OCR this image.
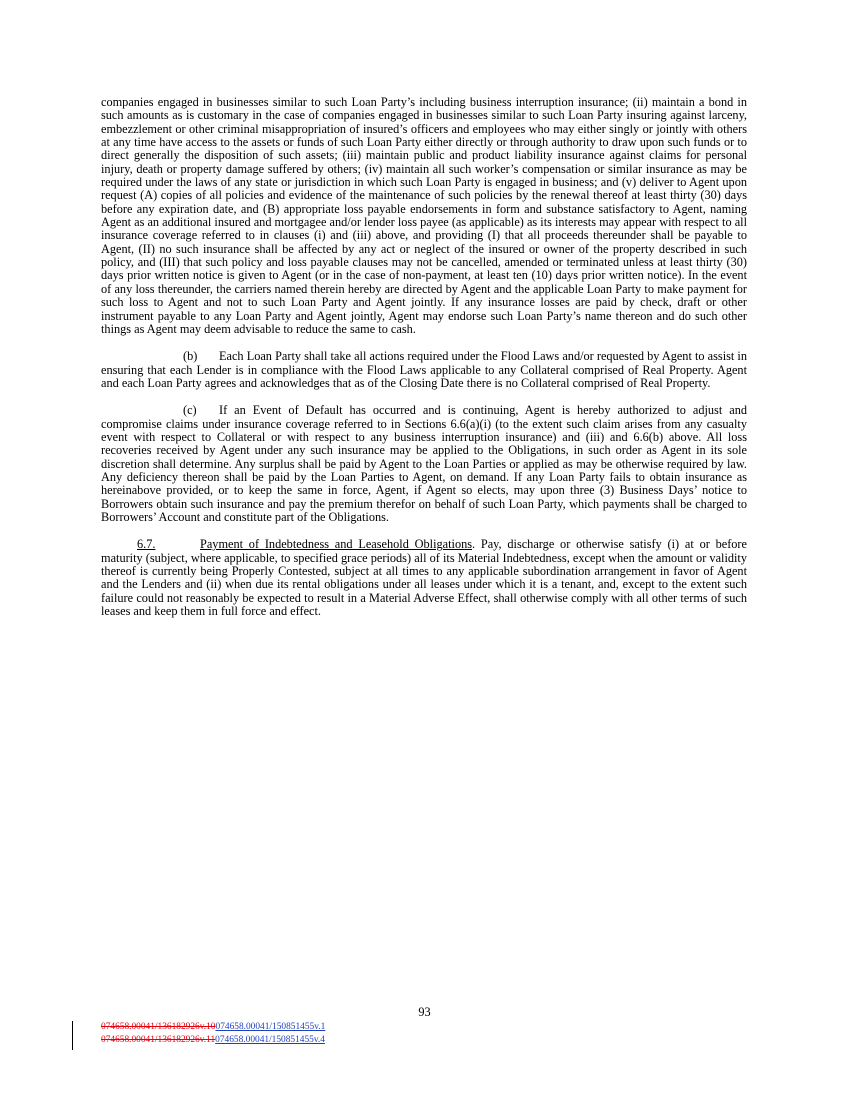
companies engaged in businesses similar to such Loan Party’s including business interruption insurance; (ii) maintain a bond in such amounts as is customary in the case of companies engaged in businesses similar to such Loan Party insuring against larceny, embezzlement or other criminal misappropriation of insured’s officers and employees who may either singly or jointly with others at any time have access to the assets or funds of such Loan Party either directly or through authority to draw upon such funds or to direct generally the disposition of such assets; (iii) maintain public and product liability insurance against claims for personal injury, death or property damage suffered by others; (iv) maintain all such worker’s compensation or similar insurance as may be required under the laws of any state or jurisdiction in which such Loan Party is engaged in business; and (v) deliver to Agent upon request (A) copies of all policies and evidence of the maintenance of such policies by the renewal thereof at least thirty (30) days before any expiration date, and (B) appropriate loss payable endorsements in form and substance satisfactory to Agent, naming Agent as an additional insured and mortgagee and/or lender loss payee (as applicable) as its interests may appear with respect to all insurance coverage referred to in clauses (i) and (iii) above, and providing (I) that all proceeds thereunder shall be payable to Agent, (II) no such insurance shall be affected by any act or neglect of the insured or owner of the property described in such policy, and (III) that such policy and loss payable clauses may not be cancelled, amended or terminated unless at least thirty (30) days prior written notice is given to Agent (or in the case of non-payment, at least ten (10) days prior written notice). In the event of any loss thereunder, the carriers named therein hereby are directed by Agent and the applicable Loan Party to make payment for such loss to Agent and not to such Loan Party and Agent jointly. If any insurance losses are paid by check, draft or other instrument payable to any Loan Party and Agent jointly, Agent may endorse such Loan Party’s name thereon and do such other things as Agent may deem advisable to reduce the same to cash.

(b) Each Loan Party shall take all actions required under the Flood Laws and/or requested by Agent to assist in ensuring that each Lender is in compliance with the Flood Laws applicable to any Collateral comprised of Real Property. Agent and each Loan Party agrees and acknowledges that as of the Closing Date there is no Collateral comprised of Real Property.

(c) If an Event of Default has occurred and is continuing, Agent is hereby authorized to adjust and compromise claims under insurance coverage referred to in Sections 6.6(a)(i) (to the extent such claim arises from any casualty event with respect to Collateral or with respect to any business interruption insurance) and (iii) and 6.6(b) above. All loss recoveries received by Agent under any such insurance may be applied to the Obligations, in such order as Agent in its sole discretion shall determine. Any surplus shall be paid by Agent to the Loan Parties or applied as may be otherwise required by law. Any deficiency thereon shall be paid by the Loan Parties to Agent, on demand. If any Loan Party fails to obtain insurance as hereinabove provided, or to keep the same in force, Agent, if Agent so elects, may upon three (3) Business Days’ notice to Borrowers obtain such insurance and pay the premium therefor on behalf of such Loan Party, which payments shall be charged to Borrowers’ Account and constitute part of the Obligations.

6.7.	Payment of Indebtedness and Leasehold Obligations. Pay, discharge or otherwise satisfy (i) at or before maturity (subject, where applicable, to specified grace periods) all of its Material Indebtedness, except when the amount or validity thereof is currently being Properly Contested, subject at all times to any applicable subordination arrangement in favor of Agent and the Lenders and (ii) when due its rental obligations under all leases under which it is a tenant, and, except to the extent such failure could not reasonably be expected to result in a Material Adverse Effect, shall otherwise comply with all other terms of such leases and keep them in full force and effect.

93
074658.00041/136182926v.10074658.00041/150851455v.1
074658.00041/136182926v.11074658.00041/150851455v.4
